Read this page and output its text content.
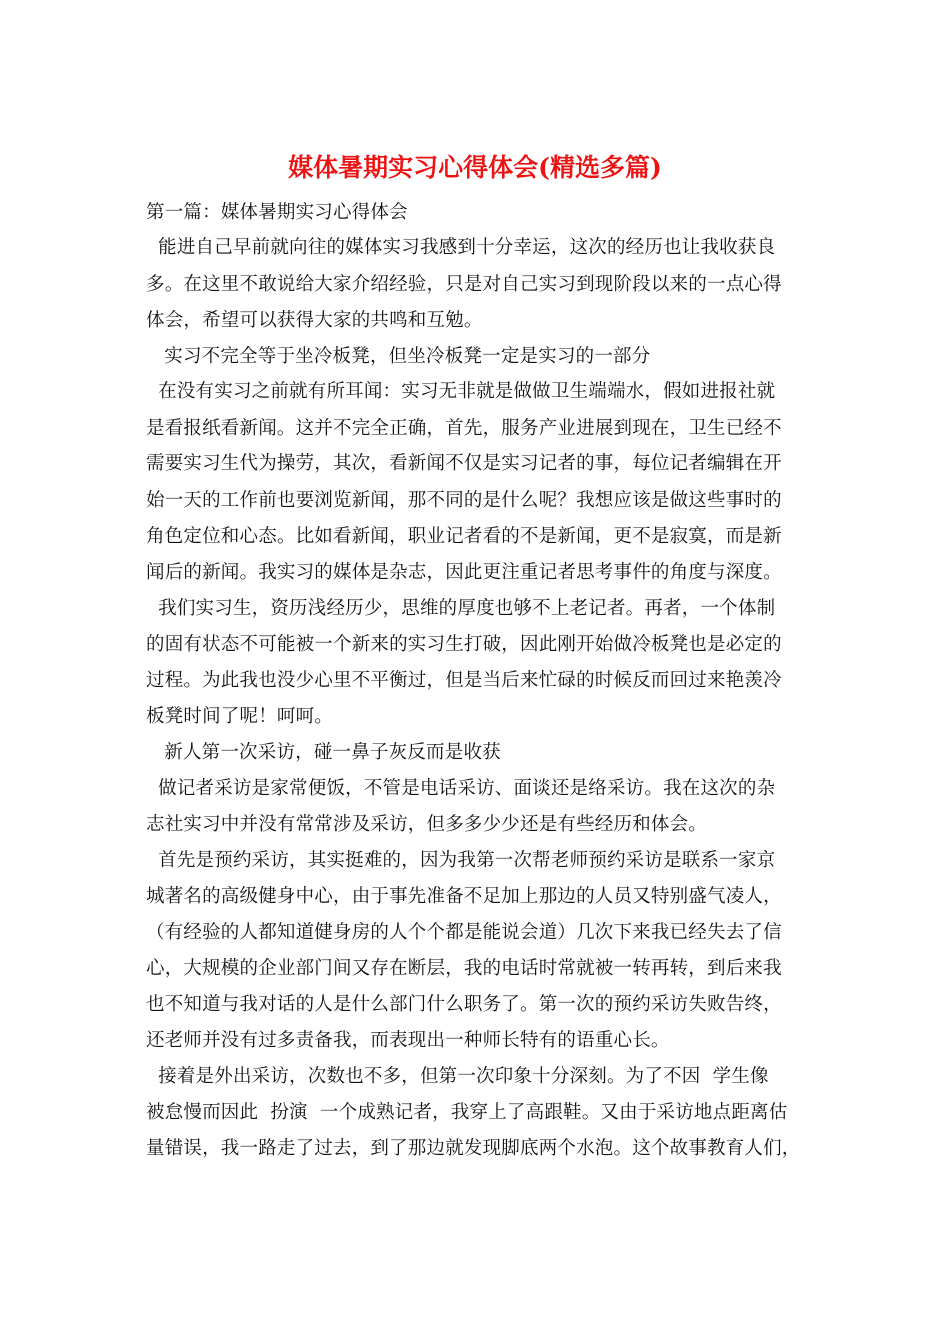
媒体暑期实习心得体会(精选多篇)
第一篇：媒体暑期实习心得体会
能进自己早前就向往的媒体实习我感到十分幸运，这次的经历也让我收获良
多。在这里不敢说给大家介绍经验，只是对自己实习到现阶段以来的一点心得
体会，希望可以获得大家的共鸣和互勉。
实习不完全等于坐冷板凳，但坐冷板凳一定是实习的一部分
在没有实习之前就有所耳闻：实习无非就是做做卫生端端水，假如进报社就
是看报纸看新闻。这并不完全正确，首先，服务产业进展到现在，卫生已经不
需要实习生代为操劳，其次，看新闻不仅是实习记者的事，每位记者编辑在开
始一天的工作前也要浏览新闻，那不同的是什么呢？我想应该是做这些事时的
角色定位和心态。比如看新闻，职业记者看的不是新闻，更不是寂寞，而是新
闻后的新闻。我实习的媒体是杂志，因此更注重记者思考事件的角度与深度。
我们实习生，资历浅经历少，思维的厚度也够不上老记者。再者，一个体制
的固有状态不可能被一个新来的实习生打破，因此刚开始做冷板凳也是必定的
过程。为此我也没少心里不平衡过，但是当后来忙碌的时候反而回过来艳羡冷
板凳时间了呢！呵呵。
新人第一次采访，碰一鼻子灰反而是收获
做记者采访是家常便饭，不管是电话采访、面谈还是络采访。我在这次的杂
志社实习中并没有常常涉及采访，但多多少少还是有些经历和体会。
首先是预约采访，其实挺难的，因为我第一次帮老师预约采访是联系一家京
城著名的高级健身中心，由于事先准备不足加上那边的人员又特别盛气凌人，
（有经验的人都知道健身房的人个个都是能说会道）几次下来我已经失去了信
心，大规模的企业部门间又存在断层，我的电话时常就被一转再转，到后来我
也不知道与我对话的人是什么部门什么职务了。第一次的预约采访失败告终，
还老师并没有过多责备我，而表现出一种师长特有的语重心长。
接着是外出采访，次数也不多，但第一次印象十分深刻。为了不因  学生像
被怠慢而因此  扮演  一个成熟记者，我穿上了高跟鞋。又由于采访地点距离估
量错误，我一路走了过去，到了那边就发现脚底两个水泡。这个故事教育人们，
